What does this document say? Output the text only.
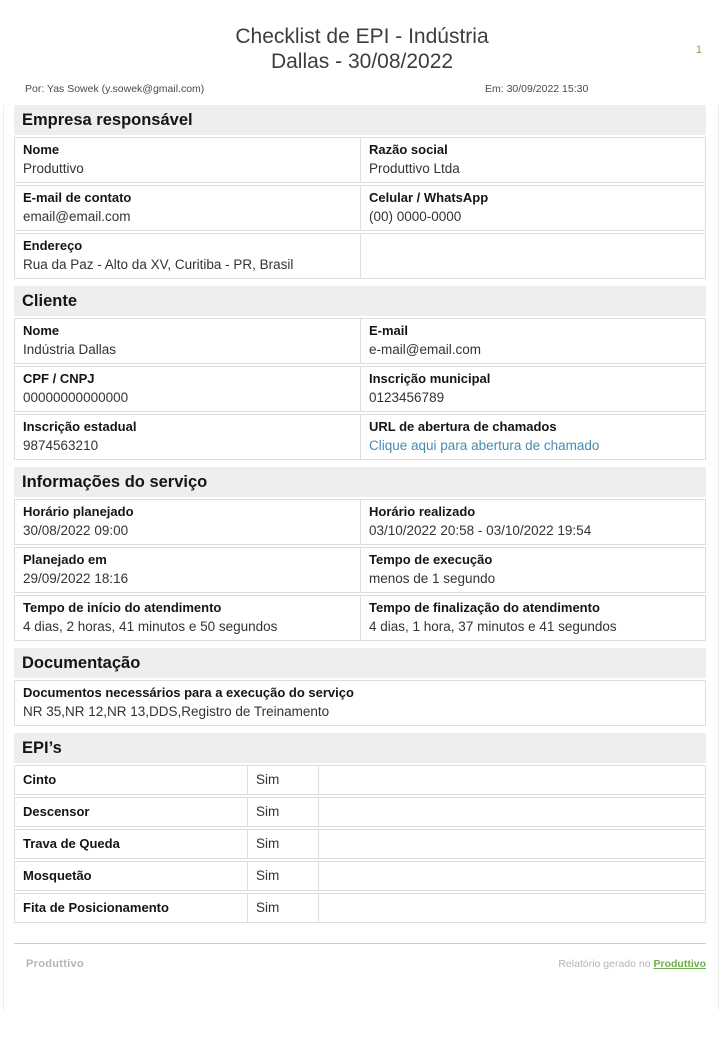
1
Checklist de EPI - Indústria
Dallas - 30/08/2022
Por: Yas Sowek (y.sowek@gmail.com)	Em: 30/09/2022 15:30
Empresa responsável
Nome
Produttivo
Razão social
Produttivo Ltda
E-mail de contato
email@email.com
Celular / WhatsApp
(00) 0000-0000
Endereço
Rua da Paz - Alto da XV, Curitiba - PR, Brasil
Cliente
Nome
Indústria Dallas
E-mail
e-mail@email.com
CPF / CNPJ
00000000000000
Inscrição municipal
0123456789
Inscrição estadual
9874563210
URL de abertura de chamados
Clique aqui para abertura de chamado
Informações do serviço
Horário planejado
30/08/2022 09:00
Horário realizado
03/10/2022 20:58 - 03/10/2022 19:54
Planejado em
29/09/2022 18:16
Tempo de execução
menos de 1 segundo
Tempo de início do atendimento
4 dias, 2 horas, 41 minutos e 50 segundos
Tempo de finalização do atendimento
4 dias, 1 hora, 37 minutos e 41 segundos
Documentação
Documentos necessários para a execução do serviço
NR 35,NR 12,NR 13,DDS,Registro de Treinamento
EPI’s
Cinto	Sim
Descensor	Sim
Trava de Queda	Sim
Mosquetão	Sim
Fita de Posicionamento	Sim
Produttivo	Relatório gerado no Produttivo
